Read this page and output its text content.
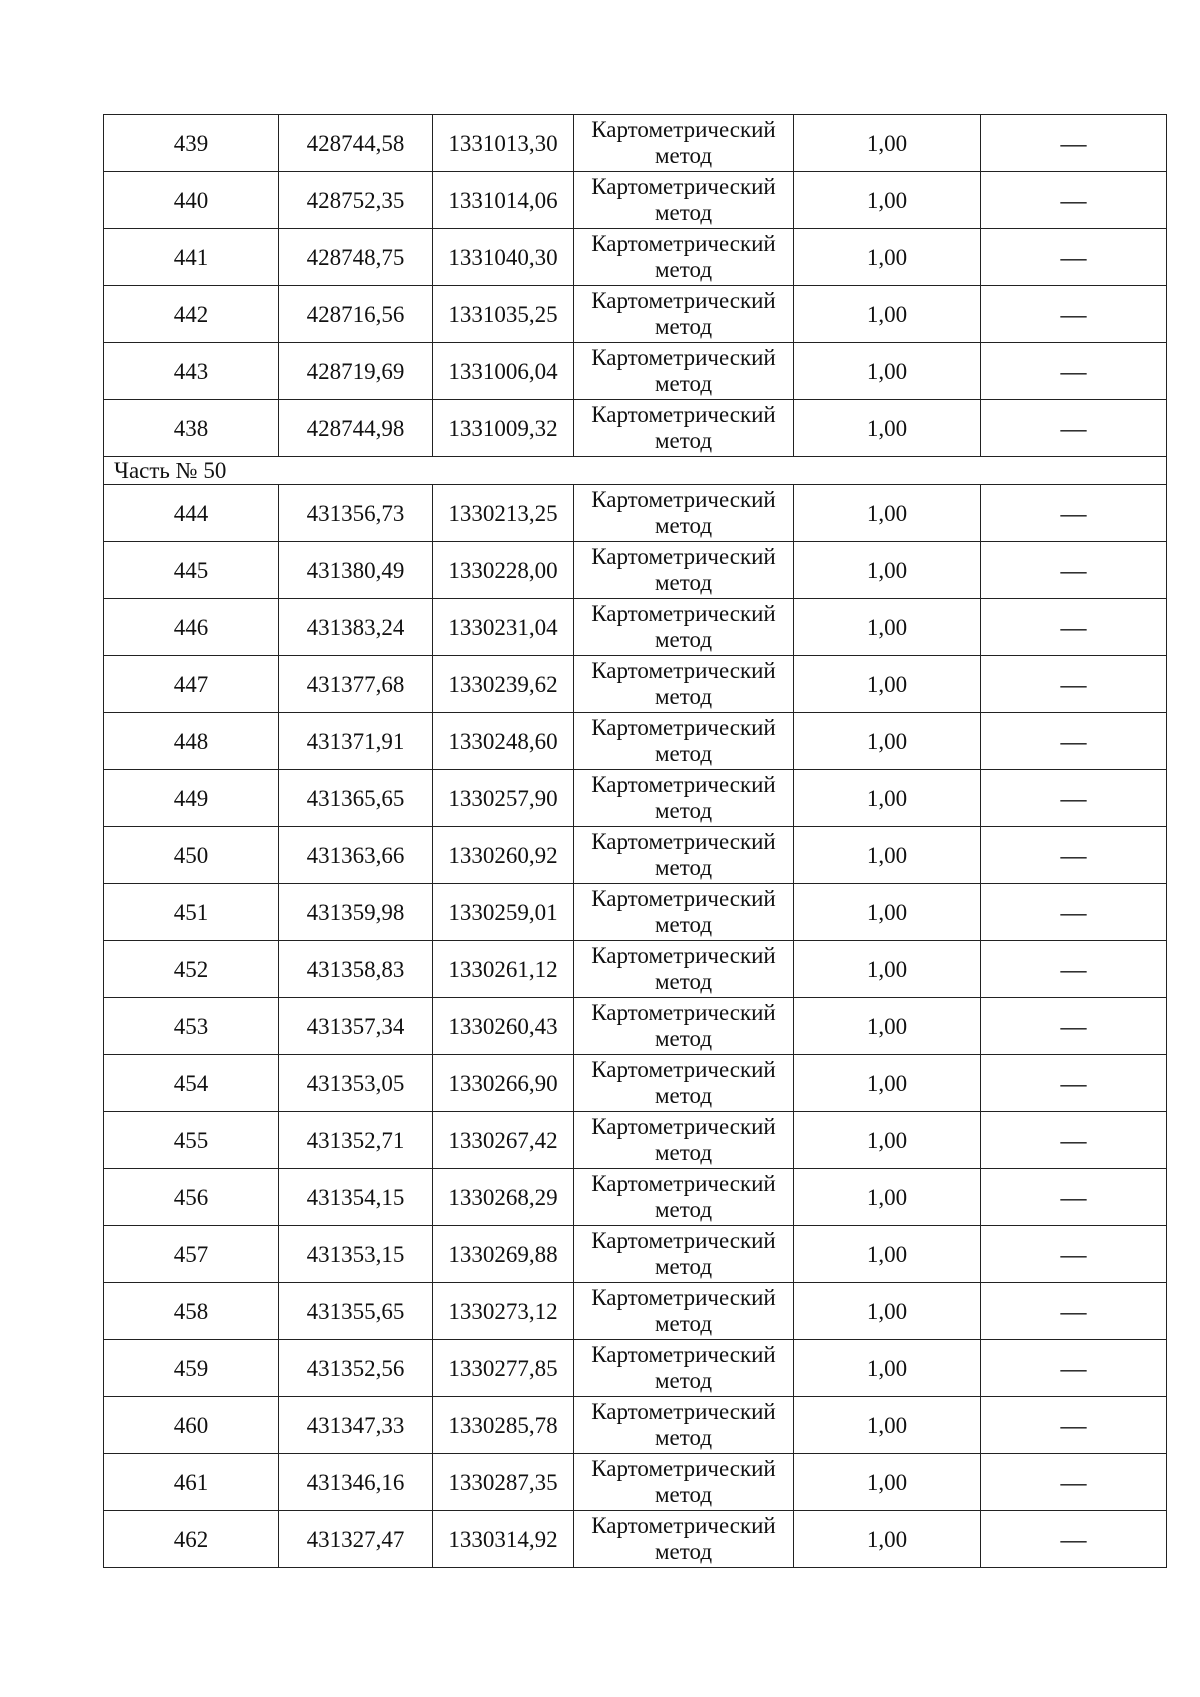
439	428744,58	1331013,30	Картометрический метод	1,00	—
440	428752,35	1331014,06	Картометрический метод	1,00	—
441	428748,75	1331040,30	Картометрический метод	1,00	—
442	428716,56	1331035,25	Картометрический метод	1,00	—
443	428719,69	1331006,04	Картометрический метод	1,00	—
438	428744,98	1331009,32	Картометрический метод	1,00	—
Часть № 50					
444	431356,73	1330213,25	Картометрический метод	1,00	—
445	431380,49	1330228,00	Картометрический метод	1,00	—
446	431383,24	1330231,04	Картометрический метод	1,00	—
447	431377,68	1330239,62	Картометрический метод	1,00	—
448	431371,91	1330248,60	Картометрический метод	1,00	—
449	431365,65	1330257,90	Картометрический метод	1,00	—
450	431363,66	1330260,92	Картометрический метод	1,00	—
451	431359,98	1330259,01	Картометрический метод	1,00	—
452	431358,83	1330261,12	Картометрический метод	1,00	—
453	431357,34	1330260,43	Картометрический метод	1,00	—
454	431353,05	1330266,90	Картометрический метод	1,00	—
455	431352,71	1330267,42	Картометрический метод	1,00	—
456	431354,15	1330268,29	Картометрический метод	1,00	—
457	431353,15	1330269,88	Картометрический метод	1,00	—
458	431355,65	1330273,12	Картометрический метод	1,00	—
459	431352,56	1330277,85	Картометрический метод	1,00	—
460	431347,33	1330285,78	Картометрический метод	1,00	—
461	431346,16	1330287,35	Картометрический метод	1,00	—
462	431327,47	1330314,92	Картометрический метод	1,00	—
